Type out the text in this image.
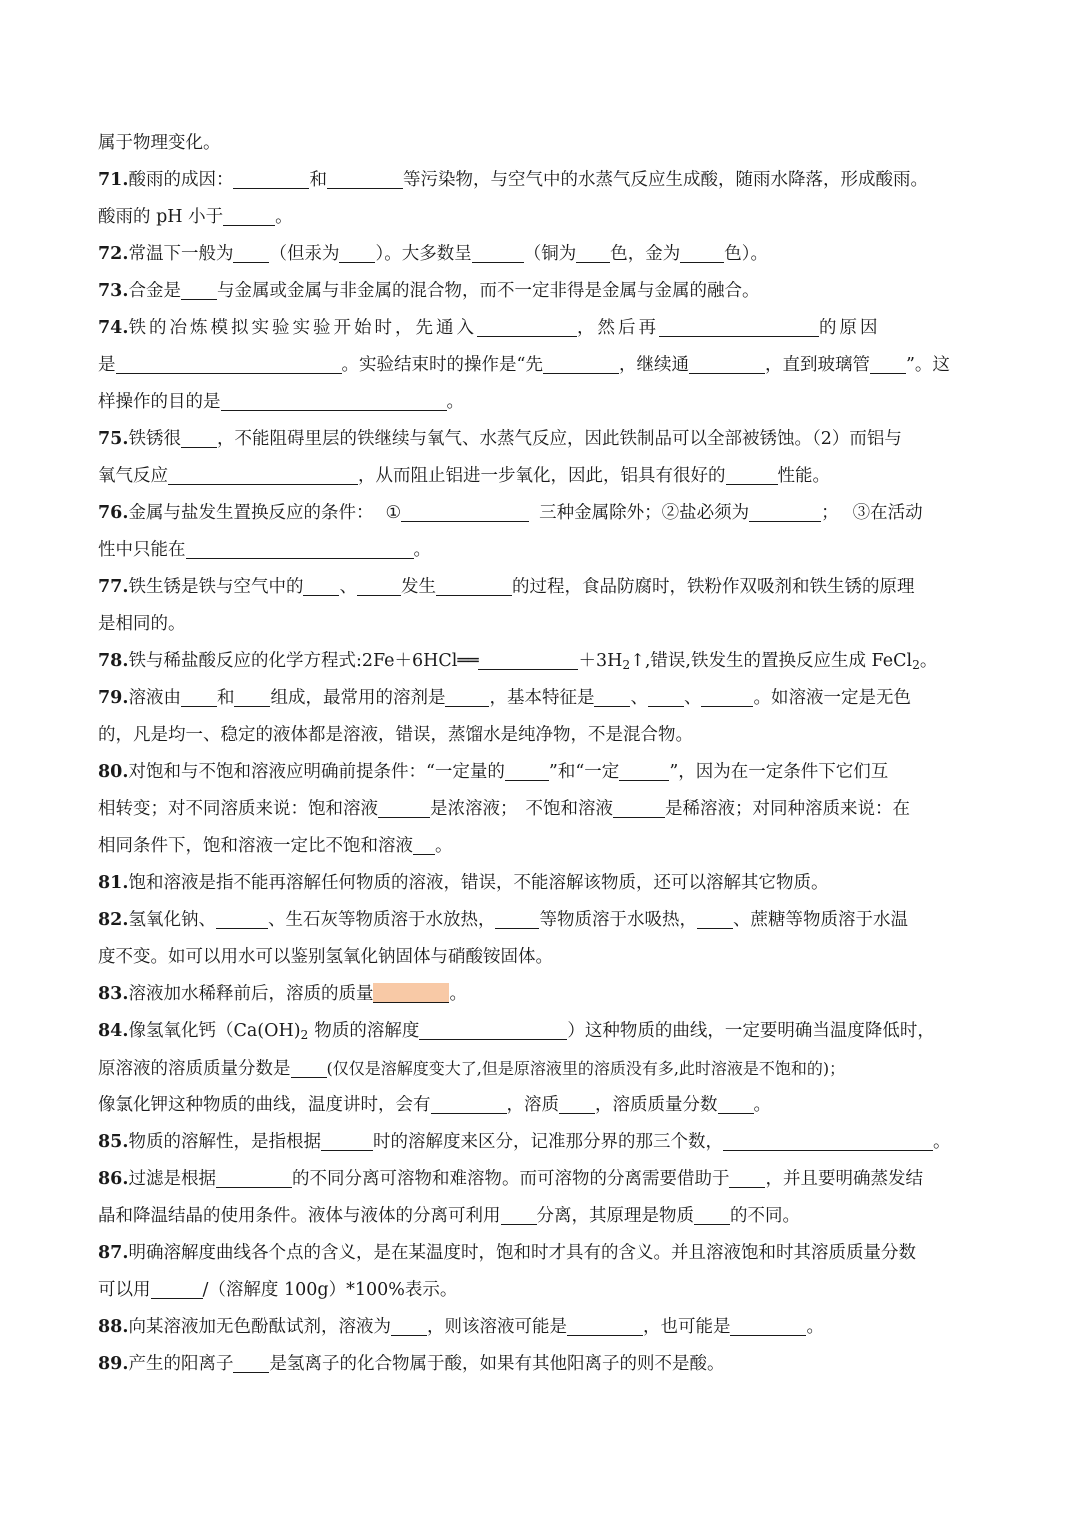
属于物理变化。
71.酸雨的成因：	和	等污染物，与空气中的水蒸气反应生成酸，随雨水降落，形成酸雨。
酸雨的 pH 小于	。
72.常温下一般为 （但汞为 ）。大多数呈	（铜为 色，金为	色）。
73.合金是 与金属或金属与非金属的混合物，而不一定非得是金属与金属的融合。
74.铁的冶炼模拟实验实验开始时，先通入	，然后再	的原因
是	。实验结束时的操作是“先	，继续通	，直到玻璃管 ”。这
样操作的目的是	。
75.铁锈很 ，不能阻碍里层的铁继续与氧气、水蒸气反应，因此铁制品可以全部被锈蚀。（2）而铝与
氧气反应	，从而阻止铝进一步氧化，因此，铝具有很好的	性能。
76.金属与盐发生置换反应的条件： ①	三种金属除外；②盐必须为	； ③在活动
性中只能在	。
77.铁生锈是铁与空气中的 、	发生	的过程，食品防腐时，铁粉作双吸剂和铁生锈的原理
是相同的。
78.铁与稀盐酸反应的化学方程式:2Fe＋6HCl══	$+3H_2↑$,错误,铁发生的置换反应生成 FeCl$_2$。
79.溶液由 和 组成，最常用的溶剂是	，基本特征是 、 、	。如溶液一定是无色
的，凡是均一、稳定的液体都是溶液，错误，蒸馏水是纯净物，不是混合物。
80.对饱和与不饱和溶液应明确前提条件：“一定量的	”和“一定	”，因为在一定条件下它们互
相转变；对不同溶质来说：饱和溶液	是浓溶液； 不饱和溶液	是稀溶液；对同种溶质来说：在
相同条件下，饱和溶液一定比不饱和溶液 。
81.饱和溶液是指不能再溶解任何物质的溶液，错误，不能溶解该物质，还可以溶解其它物质。
82.氢氧化钠、	、生石灰等物质溶于水放热，	等物质溶于水吸热， 、蔗糖等物质溶于水温
度不变。如可以用水可以鉴别氢氧化钠固体与硝酸铵固体。
83.溶液加水稀释前后，溶质的质量	。
84.像氢氧化钙（$Ca(OH)_2$ 物质的溶解度	）这种物质的曲线，一定要明确当温度降低时，
原溶液的溶质质量分数是 (仅仅是溶解度变大了,但是原溶液里的溶质没有多,此时溶液是不饱和的)；
像氯化钾这种物质的曲线，温度讲时，会有	，溶质 ，溶质质量分数 。
85.物质的溶解性，是指根据	时的溶解度来区分，记准那分界的那三个数，	。
86.过滤是根据	的不同分离可溶物和难溶物。而可溶物的分离需要借助于 ，并且要明确蒸发结
晶和降温结晶的使用条件。液体与液体的分离可利用 分离，其原理是物质 的不同。
87.明确溶解度曲线各个点的含义，是在某温度时，饱和时才具有的含义。并且溶液饱和时其溶质质量分数
可以用	/（溶解度 100g）*100%表示。
88.向某溶液加无色酚酞试剂，溶液为 ，则该溶液可能是	，也可能是	。
89.产生的阳离子 是氢离子的化合物属于酸，如果有其他阳离子的则不是酸。
